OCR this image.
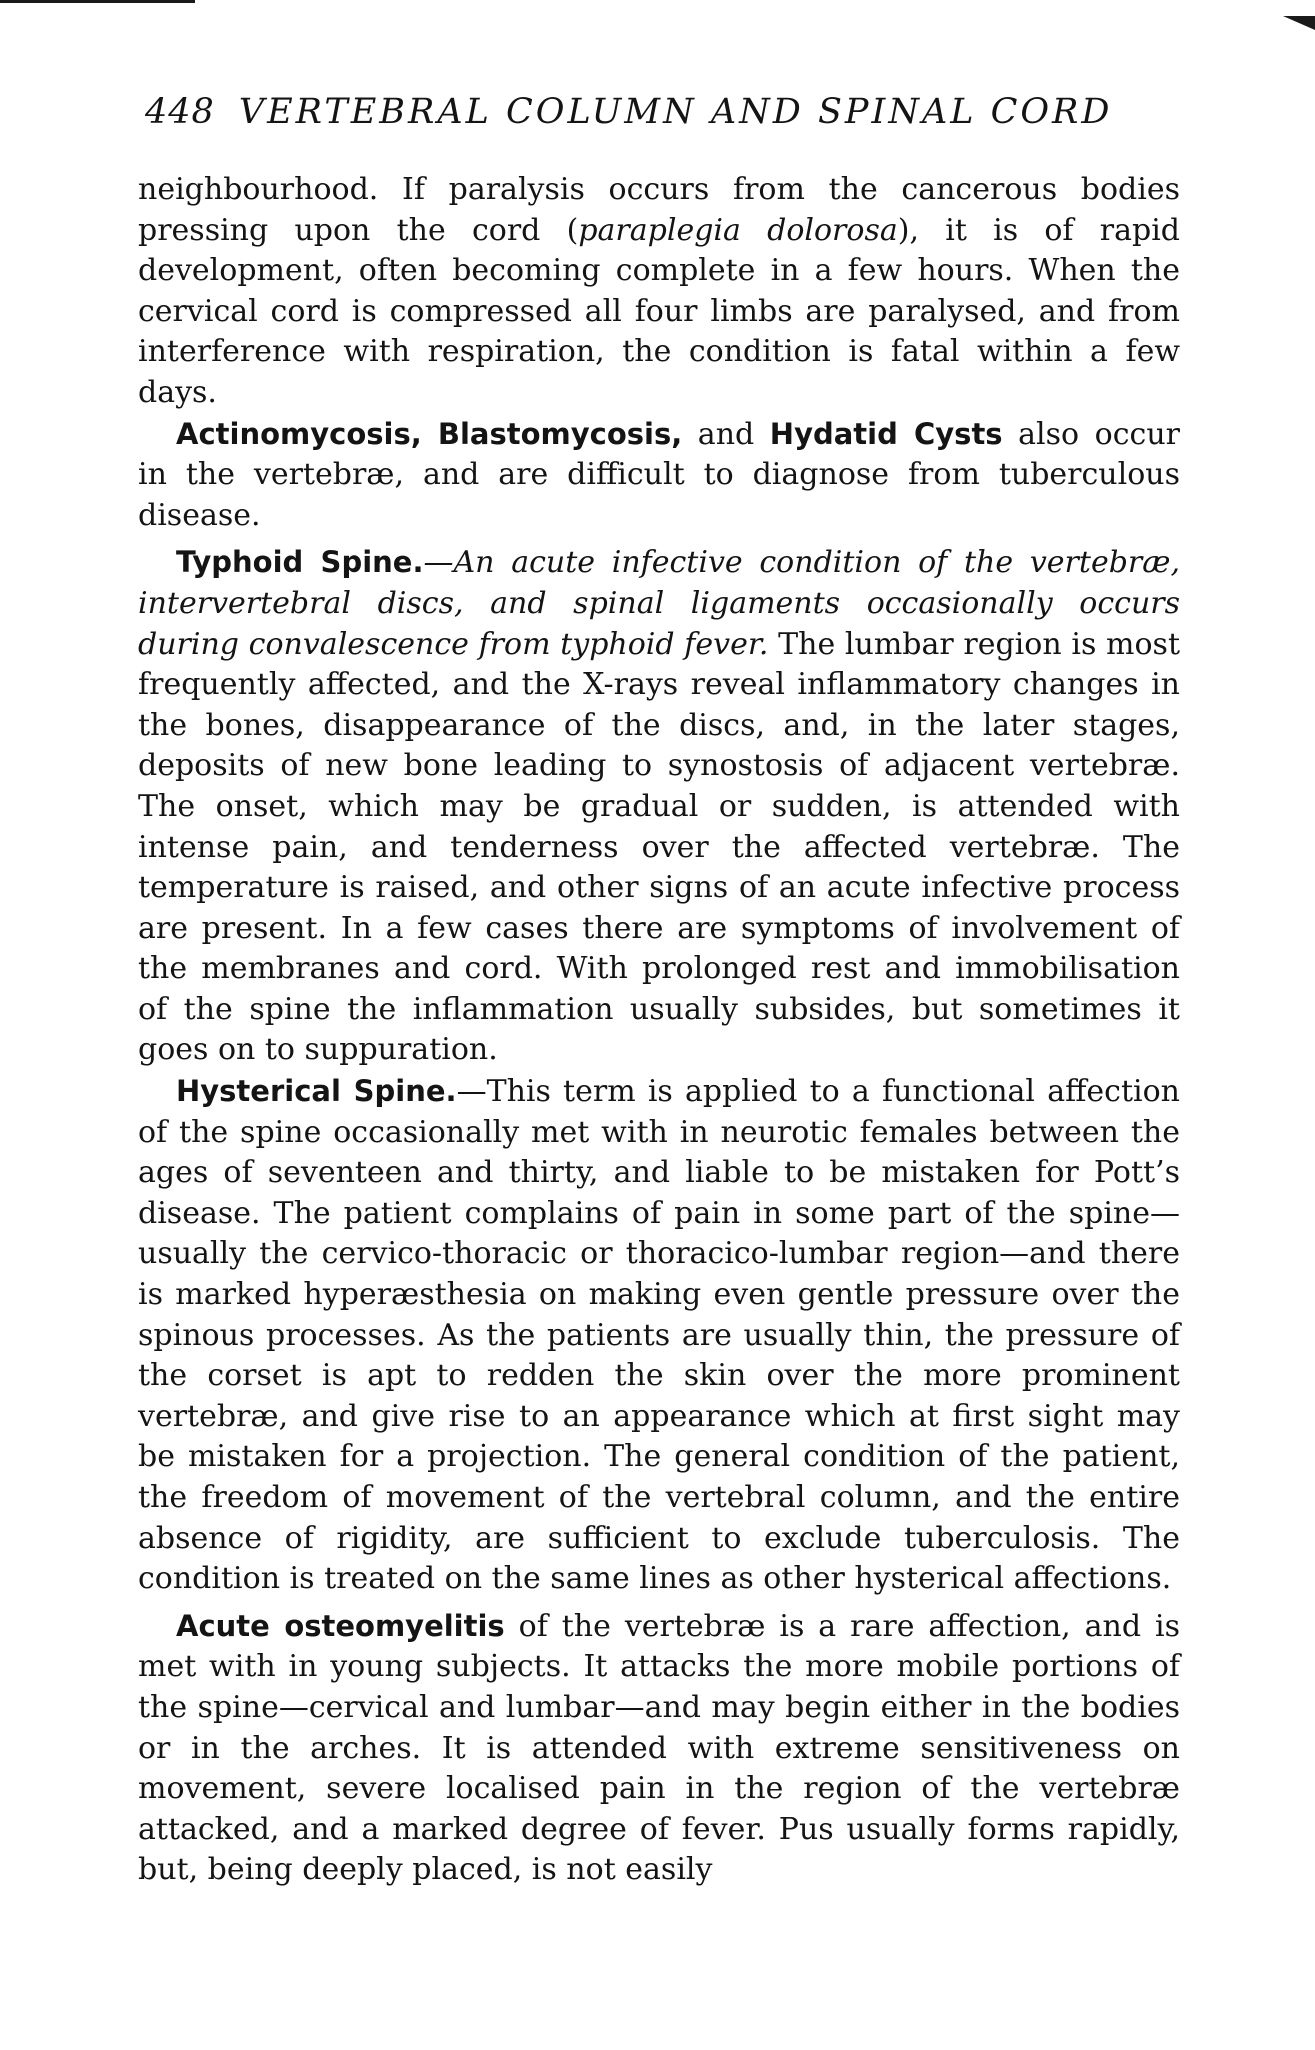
448 VERTEBRAL COLUMN AND SPINAL CORD

neighbourhood. If paralysis occurs from the cancerous bodies pressing upon the cord (paraplegia dolorosa), it is of rapid development, often becoming complete in a few hours. When the cervical cord is compressed all four limbs are paralysed, and from interference with respiration, the condition is fatal within a few days.

Actinomycosis, Blastomycosis, and Hydatid Cysts also occur in the vertebræ, and are difficult to diagnose from tuberculous disease.

Typhoid Spine.—An acute infective condition of the vertebræ, intervertebral discs, and spinal ligaments occasionally occurs during convalescence from typhoid fever. The lumbar region is most frequently affected, and the X-rays reveal inflammatory changes in the bones, disappearance of the discs, and, in the later stages, deposits of new bone leading to synostosis of adjacent vertebræ. The onset, which may be gradual or sudden, is attended with intense pain, and tenderness over the affected vertebræ. The temperature is raised, and other signs of an acute infective process are present. In a few cases there are symptoms of involvement of the membranes and cord. With prolonged rest and immobilisation of the spine the inflammation usually subsides, but sometimes it goes on to suppuration.

Hysterical Spine.—This term is applied to a functional affection of the spine occasionally met with in neurotic females between the ages of seventeen and thirty, and liable to be mistaken for Pott’s disease. The patient complains of pain in some part of the spine—usually the cervico-thoracic or thoracico-lumbar region—and there is marked hyperæsthesia on making even gentle pressure over the spinous processes. As the patients are usually thin, the pressure of the corset is apt to redden the skin over the more prominent vertebræ, and give rise to an appearance which at first sight may be mistaken for a projection. The general condition of the patient, the freedom of movement of the vertebral column, and the entire absence of rigidity, are sufficient to exclude tuberculosis. The condition is treated on the same lines as other hysterical affections.

Acute osteomyelitis of the vertebræ is a rare affection, and is met with in young subjects. It attacks the more mobile portions of the spine—cervical and lumbar—and may begin either in the bodies or in the arches. It is attended with extreme sensitiveness on movement, severe localised pain in the region of the vertebræ attacked, and a marked degree of fever. Pus usually forms rapidly, but, being deeply placed, is not easily
